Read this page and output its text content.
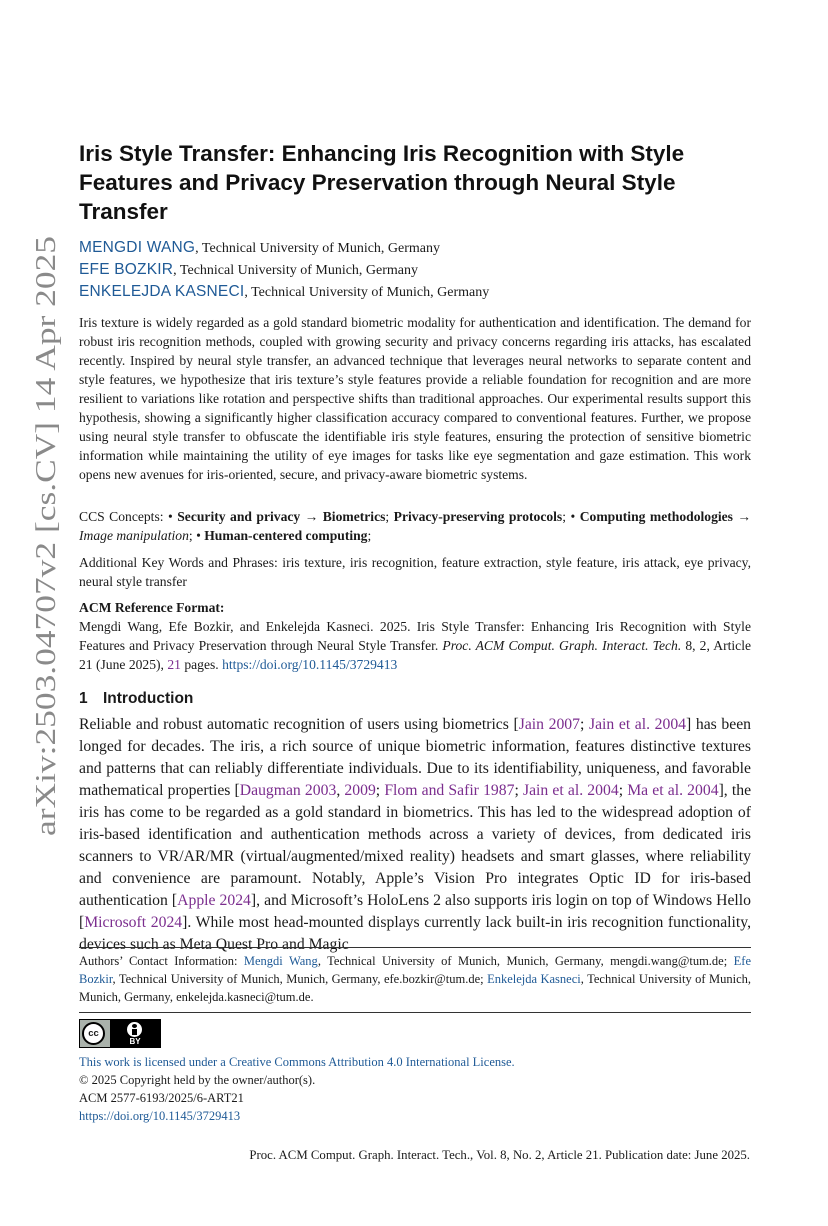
arXiv:2503.04707v2 [cs.CV] 14 Apr 2025
Iris Style Transfer: Enhancing Iris Recognition with Style
Features and Privacy Preservation through Neural Style
Transfer
MENGDI WANG, Technical University of Munich, Germany
EFE BOZKIR, Technical University of Munich, Germany
ENKELEJDA KASNECI, Technical University of Munich, Germany

Iris texture is widely regarded as a gold standard biometric modality for authentication and identification. The demand for robust iris recognition methods, coupled with growing security and privacy concerns regarding iris attacks, has escalated recently. Inspired by neural style transfer, an advanced technique that leverages neural networks to separate content and style features, we hypothesize that iris texture’s style features provide a reliable foundation for recognition and are more resilient to variations like rotation and perspective shifts than traditional approaches. Our experimental results support this hypothesis, showing a significantly higher classification accuracy compared to conventional features. Further, we propose using neural style transfer to obfuscate the identifiable iris style features, ensuring the protection of sensitive biometric information while maintaining the utility of eye images for tasks like eye segmentation and gaze estimation. This work opens new avenues for iris-oriented, secure, and privacy-aware biometric systems.

CCS Concepts: • Security and privacy → Biometrics; Privacy-preserving protocols; • Computing methodologies → Image manipulation; • Human-centered computing;

Additional Key Words and Phrases: iris texture, iris recognition, feature extraction, style feature, iris attack, eye privacy, neural style transfer

ACM Reference Format:
Mengdi Wang, Efe Bozkir, and Enkelejda Kasneci. 2025. Iris Style Transfer: Enhancing Iris Recognition with Style Features and Privacy Preservation through Neural Style Transfer. Proc. ACM Comput. Graph. Interact. Tech. 8, 2, Article 21 (June 2025), 21 pages. https://doi.org/10.1145/3729413
1 Introduction

Reliable and robust automatic recognition of users using biometrics [Jain 2007; Jain et al. 2004] has been longed for decades. The iris, a rich source of unique biometric information, features distinctive textures and patterns that can reliably differentiate individuals. Due to its identifiability, uniqueness, and favorable mathematical properties [Daugman 2003, 2009; Flom and Safir 1987; Jain et al. 2004; Ma et al. 2004], the iris has come to be regarded as a gold standard in biometrics. This has led to the widespread adoption of iris-based identification and authentication methods across a variety of devices, from dedicated iris scanners to VR/AR/MR (virtual/augmented/mixed reality) headsets and smart glasses, where reliability and convenience are paramount. Notably, Apple’s Vision Pro integrates Optic ID for iris-based authentication [Apple 2024], and Microsoft’s HoloLens 2 also supports iris login on top of Windows Hello [Microsoft 2024]. While most head-mounted displays currently lack built-in iris recognition functionality, devices such as Meta Quest Pro and Magic

Authors’ Contact Information: Mengdi Wang, Technical University of Munich, Munich, Germany, mengdi.wang@tum.de; Efe Bozkir, Technical University of Munich, Munich, Germany, efe.bozkir@tum.de; Enkelejda Kasneci, Technical University of Munich, Munich, Germany, enkelejda.kasneci@tum.de.

cc
BY

This work is licensed under a Creative Commons Attribution 4.0 International License.
© 2025 Copyright held by the owner/author(s).
ACM 2577-6193/2025/6-ART21
https://doi.org/10.1145/3729413

Proc. ACM Comput. Graph. Interact. Tech., Vol. 8, No. 2, Article 21. Publication date: June 2025.
